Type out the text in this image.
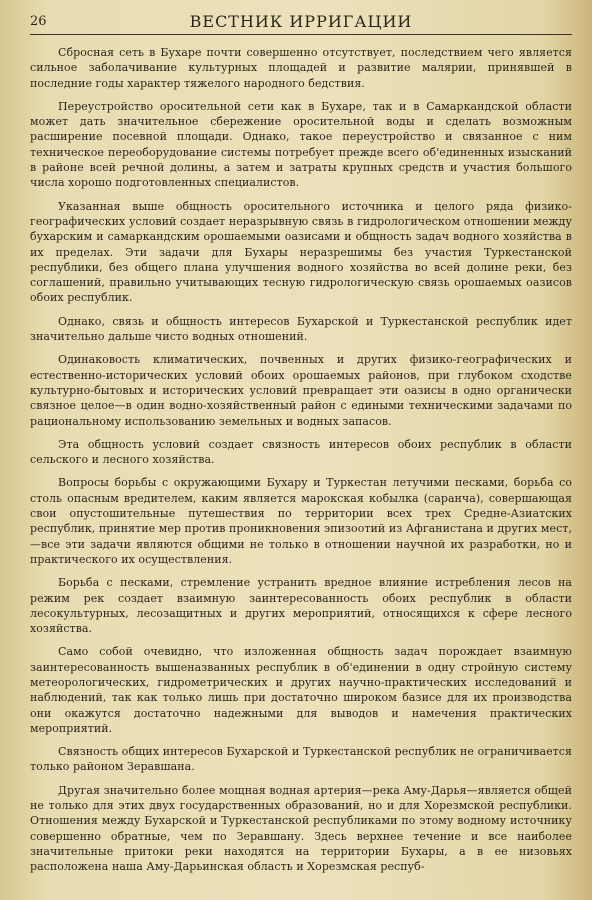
26	ВЕСТНИК ИРРИГАЦИИ

Сбросная сеть в Бухаре почти совершенно отсутствует, последствием чего является сильное заболачивание культурных площадей и развитие малярии, принявшей в последние годы характер тяжелого народного бедствия.

Переустройство оросительной сети как в Бухаре, так и в Самаркандской области может дать значительное сбережение оросительной воды и сделать возможным расширение посевной площади. Однако, такое переустройство и связанное с ним техническое переоборудование системы потребует прежде всего об'единенных изысканий в районе всей речной долины, а затем и затраты крупных средств и участия большого числа хорошо подготовленных специалистов.

Указанная выше общность оросительного источника и целого ряда физико-географических условий создает неразрывную связь в гидрологическом отношении между бухарским и самаркандским орошаемыми оазисами и общность задач водного хозяйства в их пределах. Эти задачи для Бухары неразрешимы без участия Туркестанской республики, без общего плана улучшения водного хозяйства во всей долине реки, без соглашений, правильно учитывающих тесную гидрологическую связь орошаемых оазисов обоих республик.

Однако, связь и общность интересов Бухарской и Туркестанской республик идет значительно дальше чисто водных отношений.

Одинаковость климатических, почвенных и других физико-географических и естественно-исторических условий обоих орошаемых районов, при глубоком сходстве культурно-бытовых и исторических условий превращает эти оазисы в одно органически связное целое—в один водно-хозяйственный район с едиными техническими задачами по рациональному использованию земельных и водных запасов.

Эта общность условий создает связность интересов обоих республик в области сельского и лесного хозяйства.

Вопросы борьбы с окружающими Бухару и Туркестан летучими песками, борьба со столь опасным вредителем, каким является марокская кобылка (саранча), совершающая свои опустошительные путешествия по территории всех трех Средне-Азиатских республик, принятие мер против проникновения эпизоотий из Афганистана и других мест,—все эти задачи являются общими не только в отношении научной их разработки, но и практического их осуществления.

Борьба с песками, стремление устранить вредное влияние истребления лесов на режим рек создает взаимную заинтересованность обоих республик в области лесокультурных, лесозащитных и других мероприятий, относящихся к сфере лесного хозяйства.

Само собой очевидно, что изложенная общность задач порождает взаимную заинтересованность вышеназванных республик в об'единении в одну стройную систему метеорологических, гидрометрических и других научно-практических исследований и наблюдений, так как только лишь при достаточно широком базисе для их производства они окажутся достаточно надежными для выводов и намечения практических мероприятий.

Связность общих интересов Бухарской и Туркестанской республик не ограничивается только районом Зеравшана.

Другая значительно более мощная водная артерия—река Аму-Дарья—является общей не только для этих двух государственных образований, но и для Хорезмской республики. Отношения между Бухарской и Туркестанской республиками по этому водному источнику совершенно обратные, чем по Зеравшану. Здесь верхнее течение и все наиболее значительные притоки реки находятся на территории Бухары, а в ее низовьях расположена наша Аму-Дарьинская область и Хорезмская респуб-
